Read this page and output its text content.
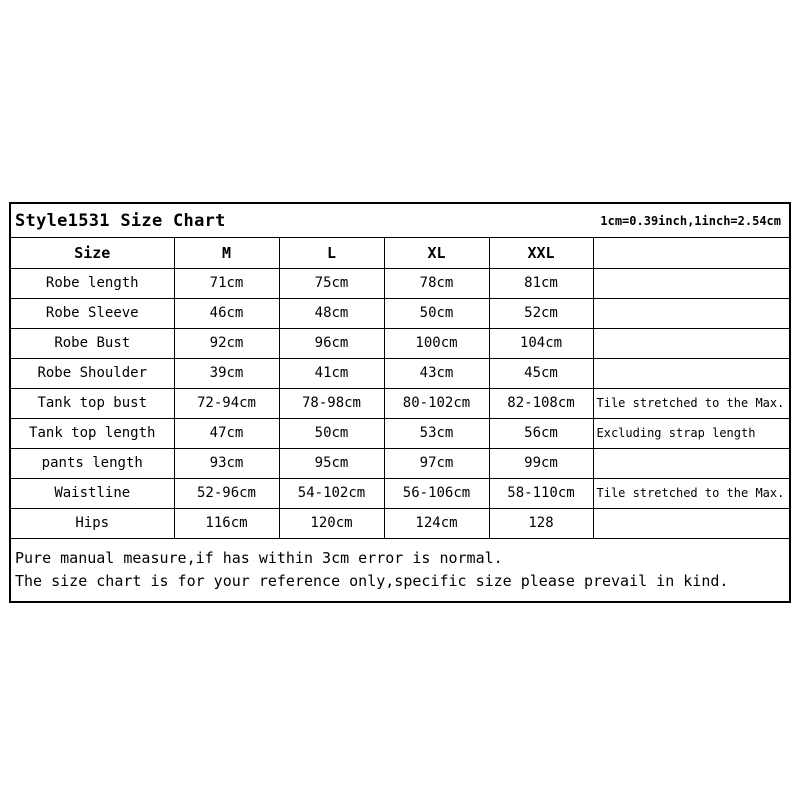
Style1531 Size Chart	1cm=0.39inch,1inch=2.54cm
Size	M	L	XL	XXL	
Robe length	71cm	75cm	78cm	81cm	
Robe Sleeve	46cm	48cm	50cm	52cm	
Robe Bust	92cm	96cm	100cm	104cm	
Robe Shoulder	39cm	41cm	43cm	45cm	
Tank top bust	72-94cm	78-98cm	80-102cm	82-108cm	Tile stretched to the Max.
Tank top length	47cm	50cm	53cm	56cm	Excluding strap length
pants length	93cm	95cm	97cm	99cm	
Waistline	52-96cm	54-102cm	56-106cm	58-110cm	Tile stretched to the Max.
Hips	116cm	120cm	124cm	128	
Pure manual measure,if has within 3cm error is normal.
The size chart is for your reference only,specific size please prevail in kind.
